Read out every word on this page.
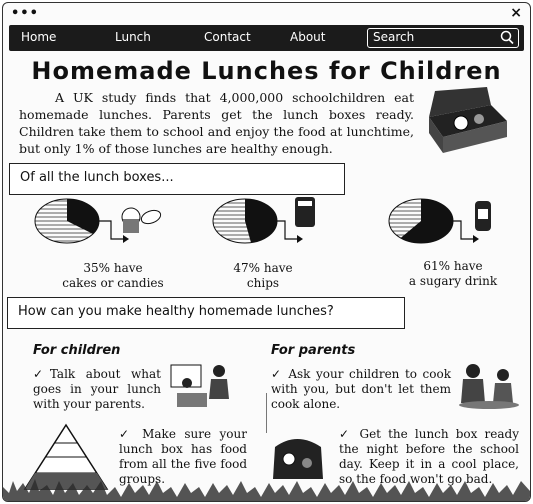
•••	×
Home	Lunch	Contact	About	Search
Homemade Lunches for Children

A UK study finds that 4,000,000 schoolchildren eat homemade lunches. Parents get the lunch boxes ready. Children take them to school and enjoy the food at lunchtime, but only 1% of those lunches are healthy enough.

Of all the lunch boxes...
35% have
cakes or candies
47% have
chips
61% have
a sugary drink
How can you make healthy homemade lunches?
For children	For parents
✓Talk about what goes in your lunch with your parents.
✓ Ask your children to cook with you, but don't let them cook alone.
✓ Make sure your lunch box has food from all the five food groups.
✓ Get the lunch box ready the night before the school day. Keep it in a cool place, so the food won't go bad.
